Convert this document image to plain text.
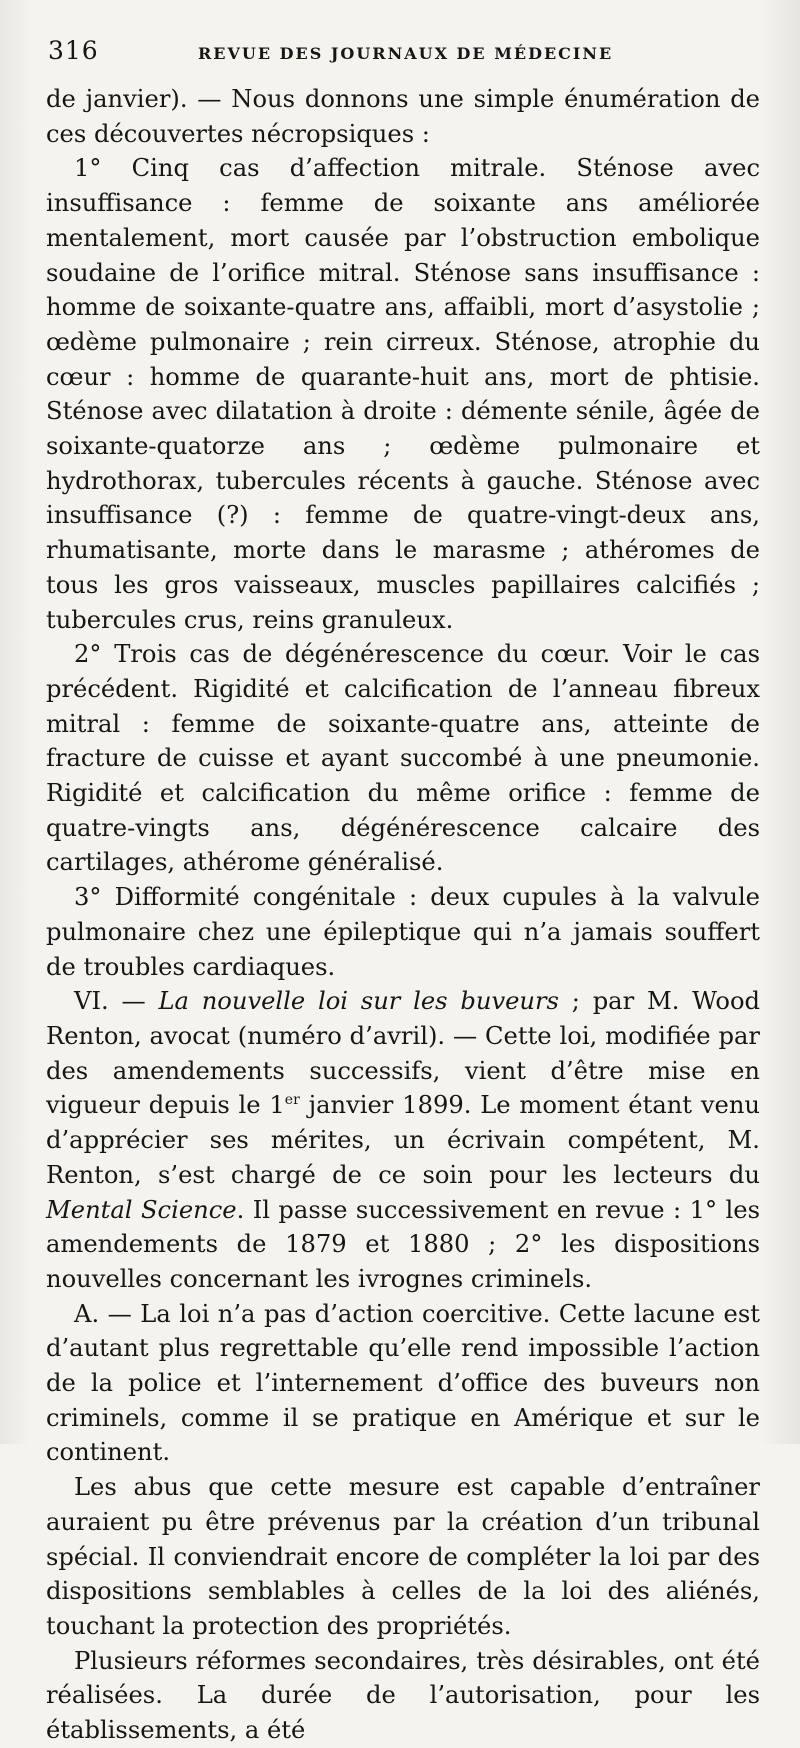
316	REVUE DES JOURNAUX DE MÉDECINE

de janvier). — Nous donnons une simple énumération de ces découvertes nécropsiques :

1° Cinq cas d’affection mitrale. Sténose avec insuffisance : femme de soixante ans améliorée mentalement, mort causée par l’obstruction embolique soudaine de l’orifice mitral. Sténose sans insuffisance : homme de soixante-quatre ans, affaibli, mort d’asystolie ; œdème pulmonaire ; rein cirreux. Sténose, atrophie du cœur : homme de quarante-huit ans, mort de phtisie. Sténose avec dilatation à droite : démente sénile, âgée de soixante-quatorze ans ; œdème pulmonaire et hydrothorax, tubercules récents à gauche. Sténose avec insuffisance (?) : femme de quatre-vingt-deux ans, rhumatisante, morte dans le marasme ; athéromes de tous les gros vaisseaux, muscles papillaires calcifiés ; tubercules crus, reins granuleux.

2° Trois cas de dégénérescence du cœur. Voir le cas précédent. Rigidité et calcification de l’anneau fibreux mitral : femme de soixante-quatre ans, atteinte de fracture de cuisse et ayant succombé à une pneumonie. Rigidité et calcification du même orifice : femme de quatre-vingts ans, dégénérescence calcaire des cartilages, athérome généralisé.

3° Difformité congénitale : deux cupules à la valvule pulmonaire chez une épileptique qui n’a jamais souffert de troubles cardiaques.

VI. — La nouvelle loi sur les buveurs ; par M. Wood Renton, avocat (numéro d’avril). — Cette loi, modifiée par des amendements successifs, vient d’être mise en vigueur depuis le 1er janvier 1899. Le moment étant venu d’apprécier ses mérites, un écrivain compétent, M. Renton, s’est chargé de ce soin pour les lecteurs du Mental Science. Il passe successivement en revue : 1° les amendements de 1879 et 1880 ; 2° les dispositions nouvelles concernant les ivrognes criminels.

A. — La loi n’a pas d’action coercitive. Cette lacune est d’autant plus regrettable qu’elle rend impossible l’action de la police et l’internement d’office des buveurs non criminels, comme il se pratique en Amérique et sur le continent.

Les abus que cette mesure est capable d’entraîner auraient pu être prévenus par la création d’un tribunal spécial. Il conviendrait encore de compléter la loi par des dispositions semblables à celles de la loi des aliénés, touchant la protection des propriétés.

Plusieurs réformes secondaires, très désirables, ont été réalisées. La durée de l’autorisation, pour les établissements, a été
